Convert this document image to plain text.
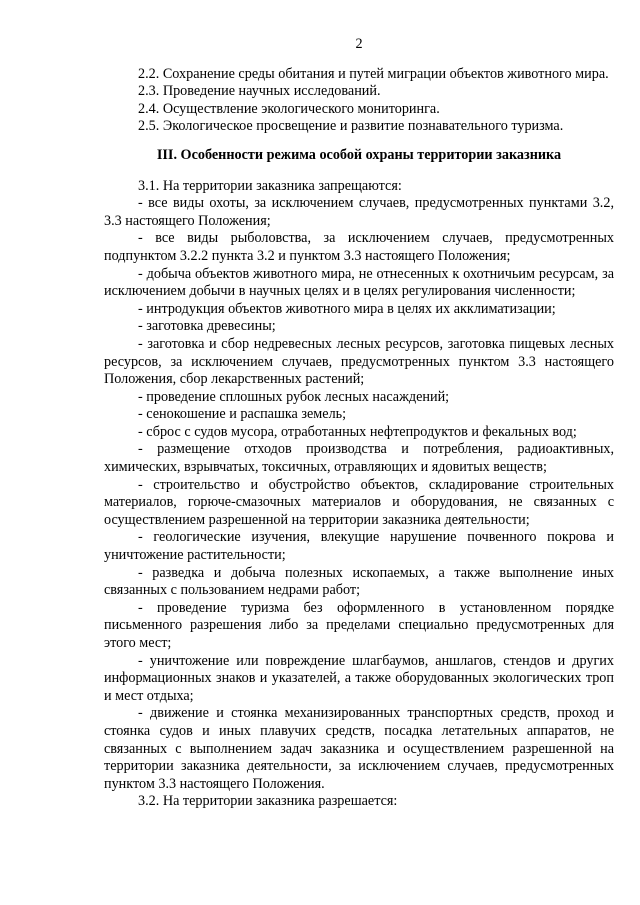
2

2.2. Сохранение среды обитания и путей миграции объектов животного мира.

2.3. Проведение научных исследований.

2.4. Осуществление экологического мониторинга.

2.5. Экологическое просвещение и развитие познавательного туризма.

III. Особенности режима особой охраны территории заказника

3.1. На территории заказника запрещаются:

- все виды охоты, за исключением случаев, предусмотренных пунктами 3.2, 3.3 настоящего Положения;

- все виды рыболовства, за исключением случаев, предусмотренных подпунктом 3.2.2 пункта 3.2 и пунктом 3.3 настоящего Положения;

- добыча объектов животного мира, не отнесенных к охотничьим ресурсам, за исключением добычи в научных целях и в целях регулирования численности;

- интродукция объектов животного мира в целях их акклиматизации;

- заготовка древесины;

- заготовка и сбор недревесных лесных ресурсов, заготовка пищевых лесных ресурсов, за исключением случаев, предусмотренных пунктом 3.3 настоящего Положения, сбор лекарственных растений;

- проведение сплошных рубок лесных насаждений;

- сенокошение и распашка земель;

- сброс с судов мусора, отработанных нефтепродуктов и фекальных вод;

- размещение отходов производства и потребления, радиоактивных, химических, взрывчатых, токсичных, отравляющих и ядовитых веществ;

- строительство и обустройство объектов, складирование строительных материалов, горюче-смазочных материалов и оборудования, не связанных с осуществлением разрешенной на территории заказника деятельности;

- геологические изучения, влекущие нарушение почвенного покрова и уничтожение растительности;

- разведка и добыча полезных ископаемых, а также выполнение иных связанных с пользованием недрами работ;

- проведение туризма без оформленного в установленном порядке письменного разрешения либо за пределами специально предусмотренных для этого мест;

- уничтожение или повреждение шлагбаумов, аншлагов, стендов и других информационных знаков и указателей, а также оборудованных экологических троп и мест отдыха;

- движение и стоянка механизированных транспортных средств, проход и стоянка судов и иных плавучих средств, посадка летательных аппаратов, не связанных с выполнением задач заказника и осуществлением разрешенной на территории заказника деятельности, за исключением случаев, предусмотренных пунктом 3.3 настоящего Положения.

3.2. На территории заказника разрешается:
